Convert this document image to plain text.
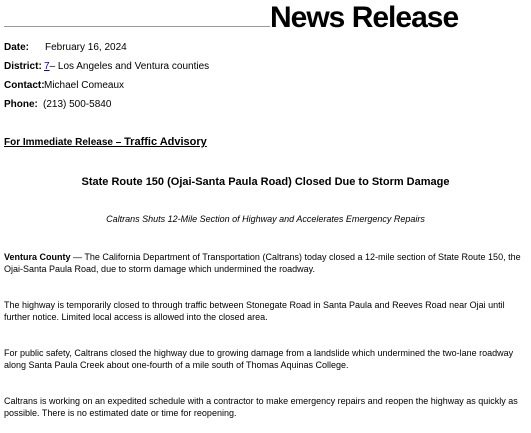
News Release
Date: February 16, 2024
District: 7– Los Angeles and Ventura counties
Contact:Michael Comeaux
Phone: (213) 500-5840
For Immediate Release – Traffic Advisory
State Route 150 (Ojai-Santa Paula Road) Closed Due to Storm Damage
Caltrans Shuts 12-Mile Section of Highway and Accelerates Emergency Repairs
Ventura County — The California Department of Transportation (Caltrans) today closed a 12-mile section of State Route 150, the Ojai-Santa Paula Road, due to storm damage which undermined the roadway.
The highway is temporarily closed to through traffic between Stonegate Road in Santa Paula and Reeves Road near Ojai until further notice. Limited local access is allowed into the closed area.
For public safety, Caltrans closed the highway due to growing damage from a landslide which undermined the two-lane roadway along Santa Paula Creek about one-fourth of a mile south of Thomas Aquinas College.
Caltrans is working on an expedited schedule with a contractor to make emergency repairs and reopen the highway as quickly as possible. There is no estimated date or time for reopening.
